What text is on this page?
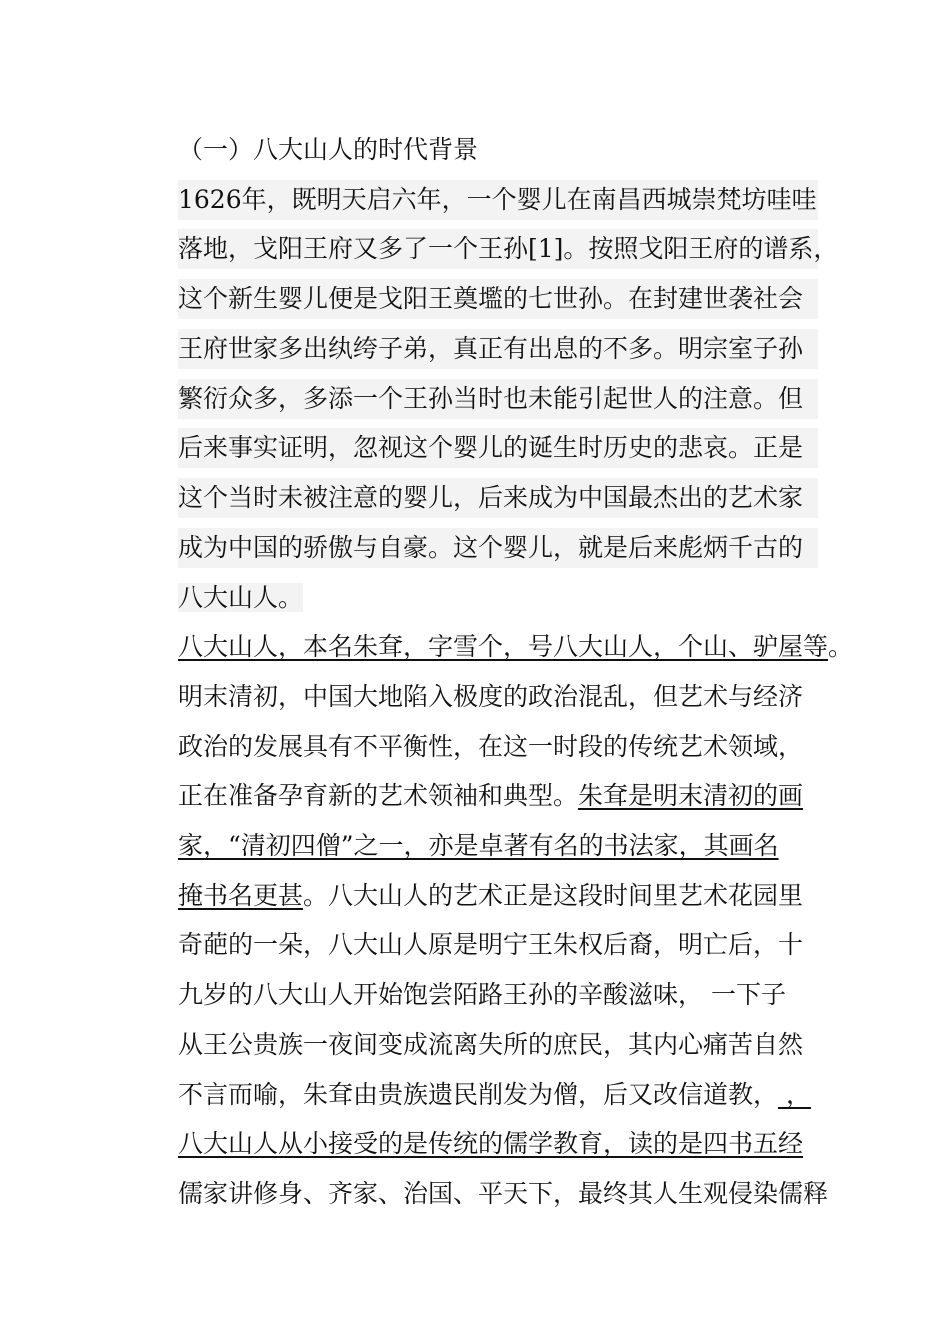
（一）八大山人的时代背景
1626年，既明天启六年，一个婴儿在南昌西城崇梵坊哇哇
落地，戈阳王府又多了一个王孙[1]。按照戈阳王府的谱系，
这个新生婴儿便是戈阳王奠壏的七世孙。在封建世袭社会
王府世家多出纨绔子弟，真正有出息的不多。明宗室子孙
繁衍众多，多添一个王孙当时也未能引起世人的注意。但
后来事实证明，忽视这个婴儿的诞生时历史的悲哀。正是
这个当时未被注意的婴儿，后来成为中国最杰出的艺术家
成为中国的骄傲与自豪。这个婴儿，就是后来彪炳千古的
八大山人。
八大山人，本名朱耷，字雪个，号八大山人，个山、驴屋等。
明末清初，中国大地陷入极度的政治混乱，但艺术与经济
政治的发展具有不平衡性，在这一时段的传统艺术领域，
正在准备孕育新的艺术领袖和典型。朱耷是明末清初的画
家，“清初四僧”之一，亦是卓著有名的书法家，其画名
掩书名更甚。八大山人的艺术正是这段时间里艺术花园里
奇葩的一朵，八大山人原是明宁王朱权后裔，明亡后，十
九岁的八大山人开始饱尝陌路王孙的辛酸滋味， 一下子
从王公贵族一夜间变成流离失所的庶民，其内心痛苦自然
不言而喻，朱耷由贵族遗民削发为僧，后又改信道教， ，
八大山人从小接受的是传统的儒学教育，读的是四书五经
儒家讲修身、齐家、治国、平天下，最终其人生观侵染儒释
